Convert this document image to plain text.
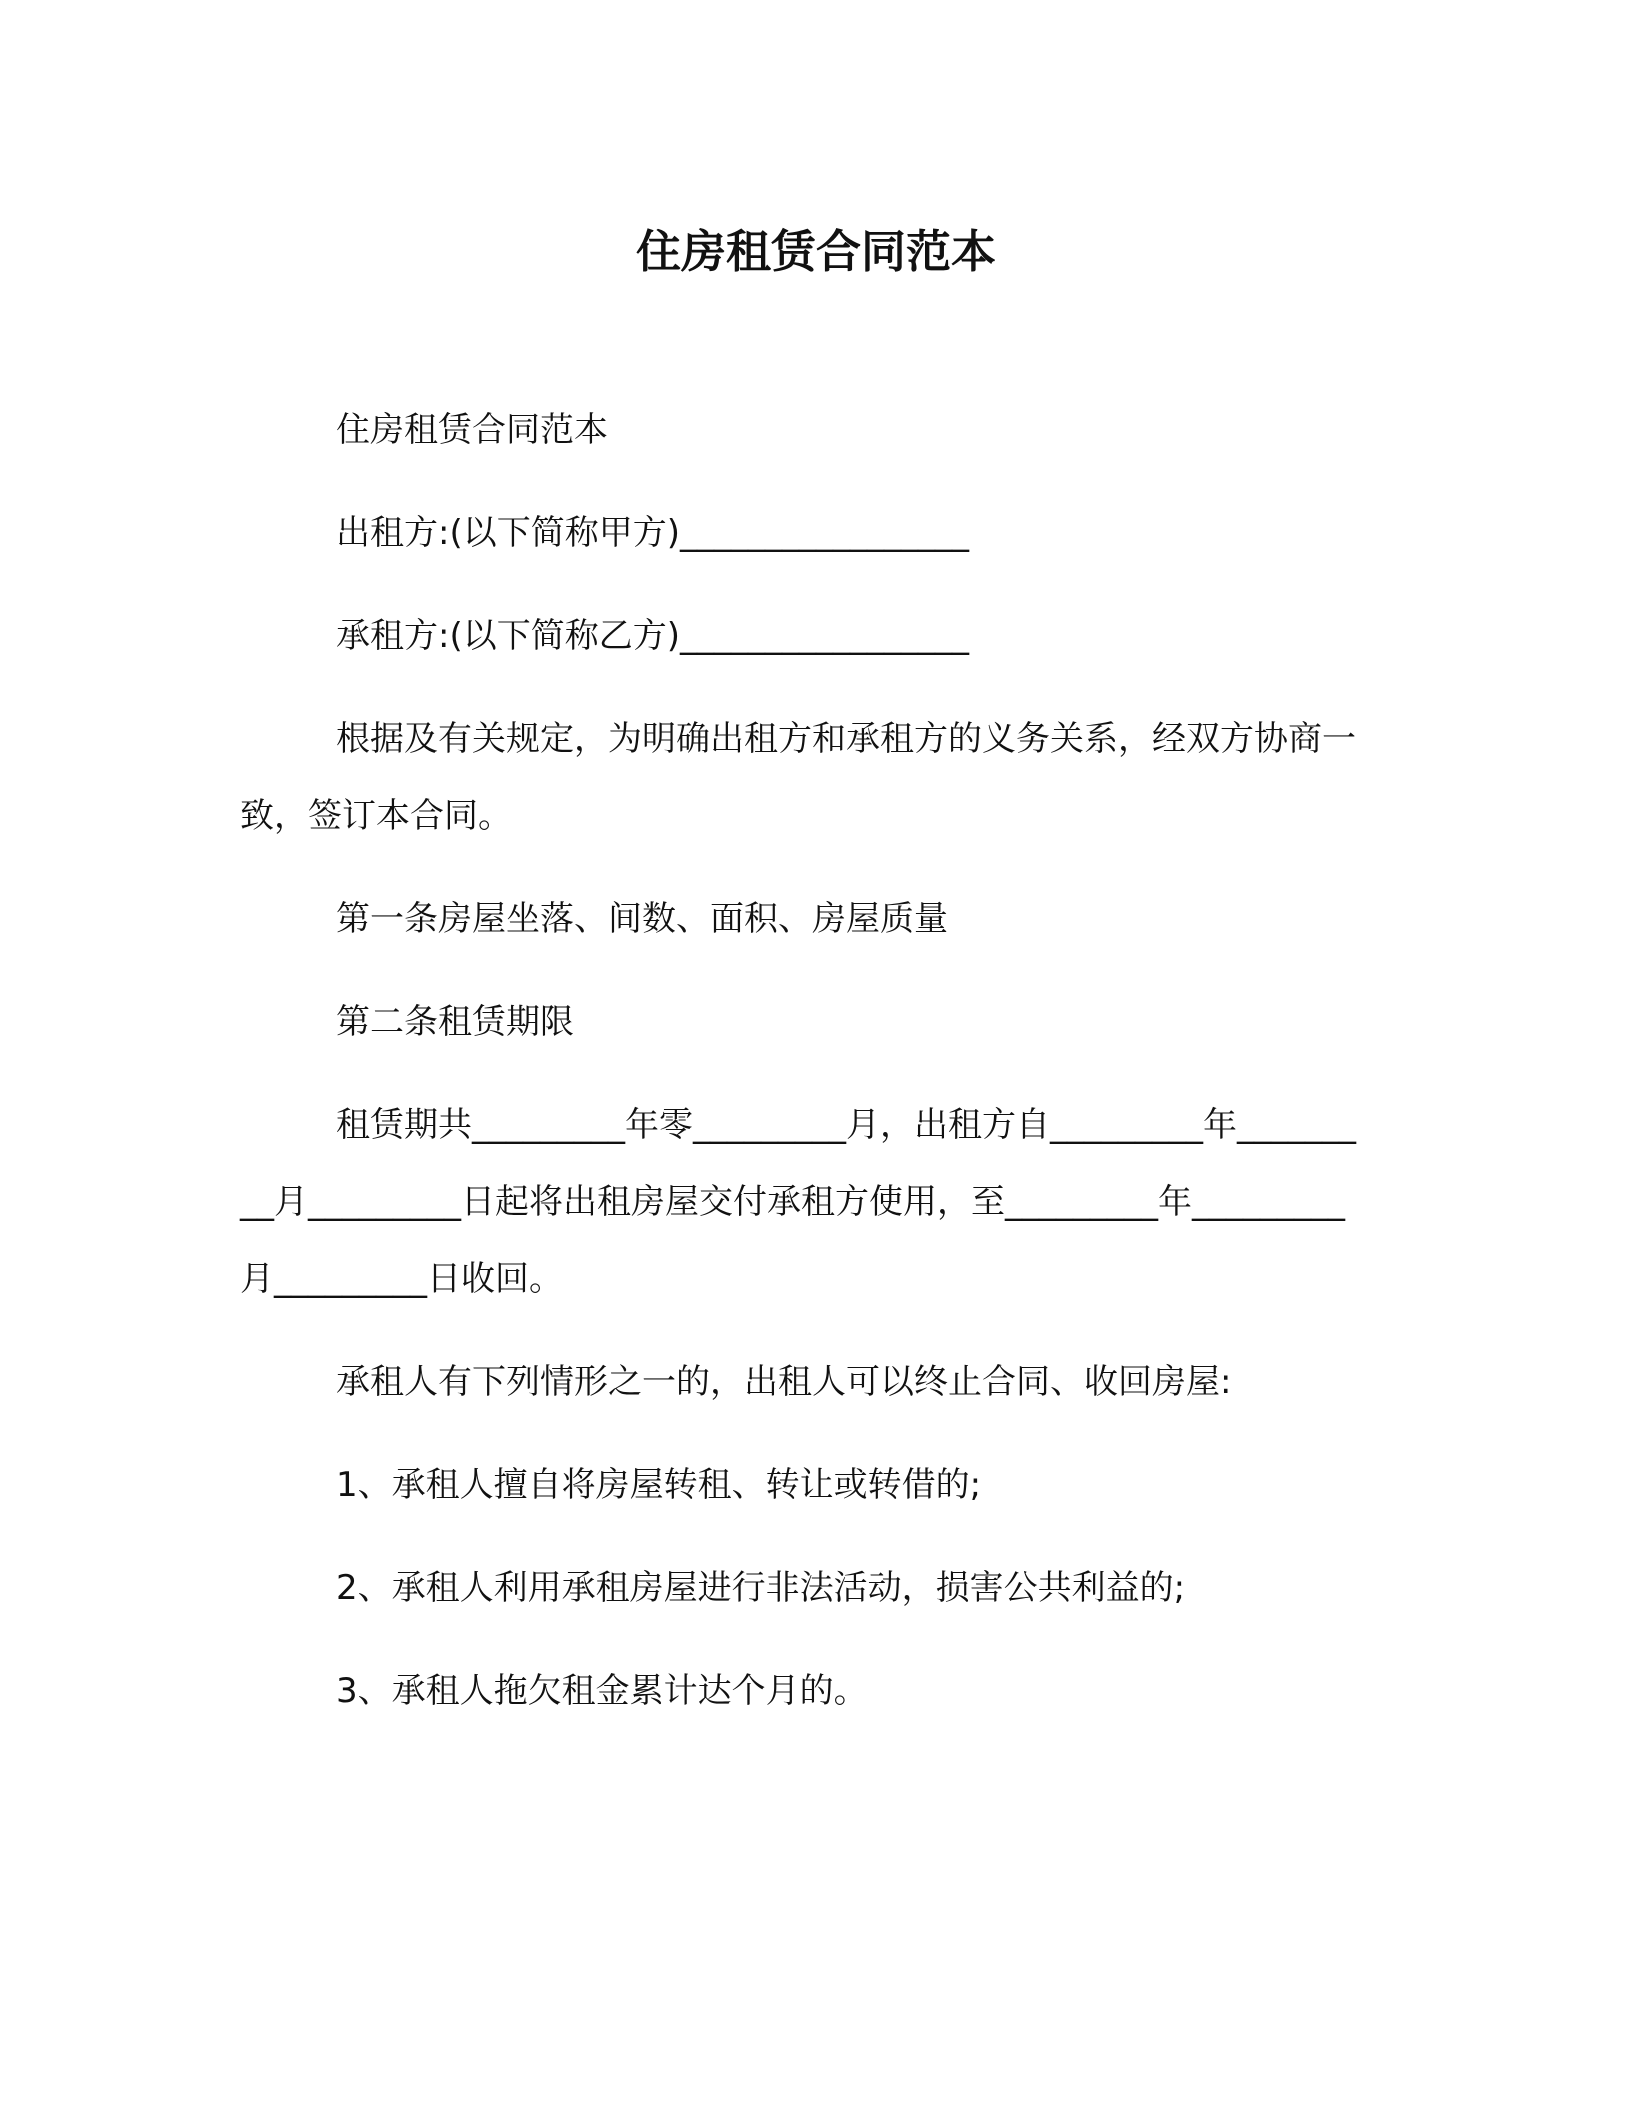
住房租赁合同范本

住房租赁合同范本

出租方:(以下简称甲方)_________________

承租方:(以下简称乙方)_________________

根据及有关规定，为明确出租方和承租方的义务关系，经双方协商一致，签订本合同。

第一条房屋坐落、间数、面积、房屋质量

第二条租赁期限

租赁期共_________年零_________月，出租方自_________年_________月_________日起将出租房屋交付承租方使用，至_________年_________月_________日收回。

承租人有下列情形之一的，出租人可以终止合同、收回房屋:

1、承租人擅自将房屋转租、转让或转借的;

2、承租人利用承租房屋进行非法活动，损害公共利益的;

3、承租人拖欠租金累计达个月的。
